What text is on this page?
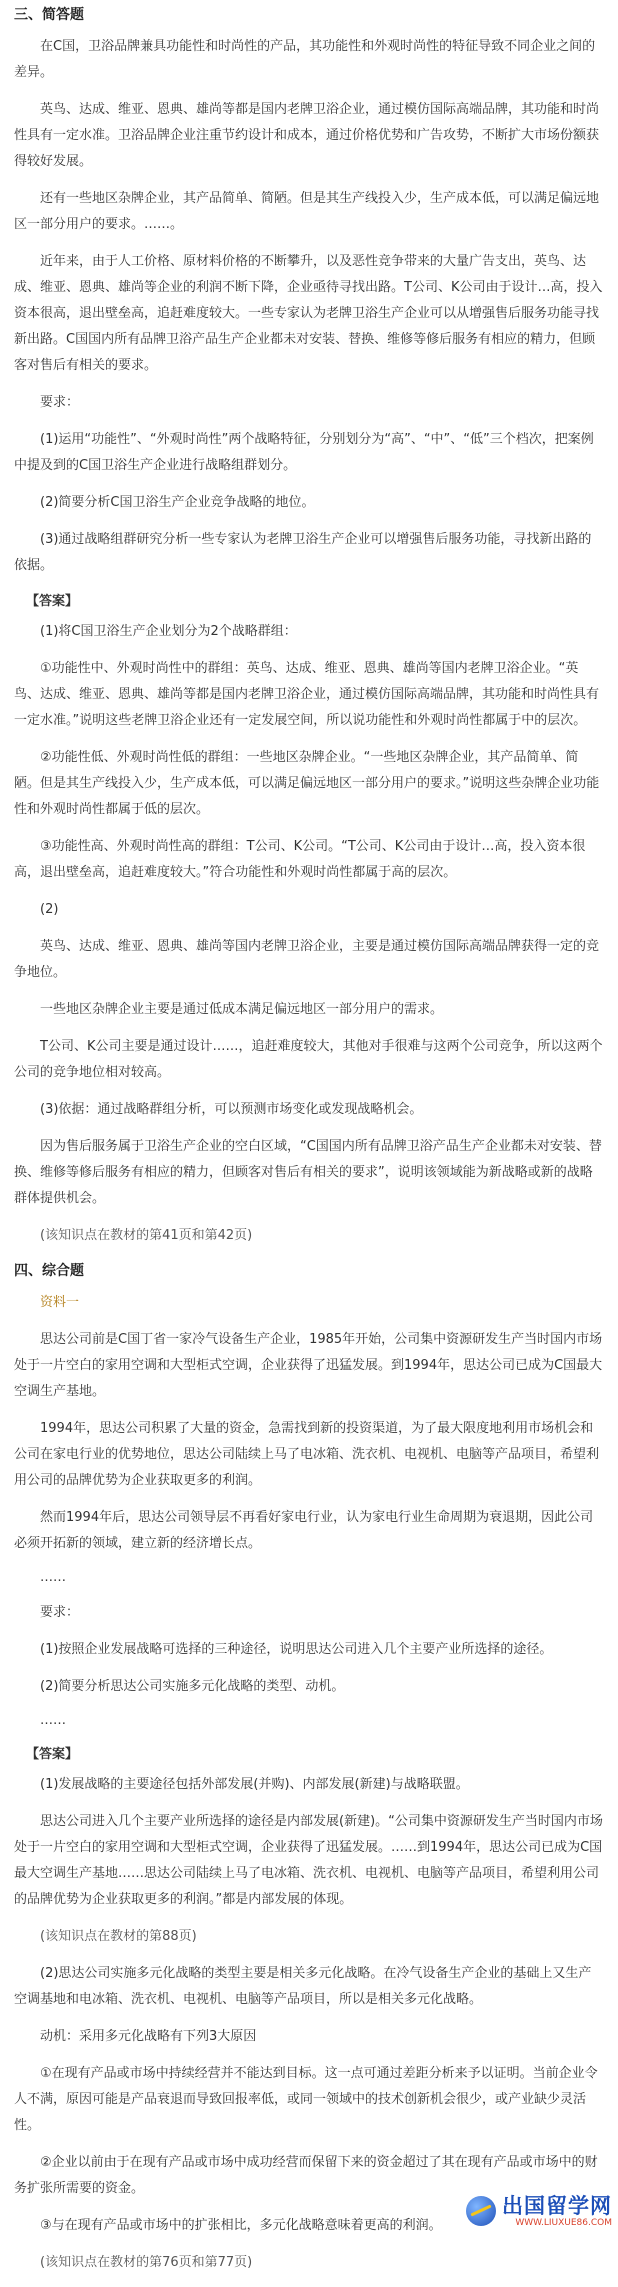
三、简答题
在C国，卫浴品牌兼具功能性和时尚性的产品，其功能性和外观时尚性的特征导致不同企业之间的差异。
英鸟、达成、维亚、恩典、雄尚等都是国内老牌卫浴企业，通过模仿国际高端品牌，其功能和时尚性具有一定水准。卫浴品牌企业注重节约设计和成本，通过价格优势和广告攻势，不断扩大市场份额获得较好发展。
还有一些地区杂牌企业，其产品简单、简陋。但是其生产线投入少，生产成本低，可以满足偏远地区一部分用户的要求。……。
近年来，由于人工价格、原材料价格的不断攀升，以及恶性竞争带来的大量广告支出，英鸟、达成、维亚、恩典、雄尚等企业的利润不断下降，企业亟待寻找出路。T公司、K公司由于设计…高，投入资本很高，退出壁垒高，追赶难度较大。一些专家认为老牌卫浴生产企业可以从增强售后服务功能寻找新出路。C国国内所有品牌卫浴产品生产企业都未对安装、替换、维修等修后服务有相应的精力，但顾客对售后有相关的要求。
要求：
(1)运用“功能性”、“外观时尚性”两个战略特征，分别划分为“高”、“中”、“低”三个档次，把案例中提及到的C国卫浴生产企业进行战略组群划分。
(2)简要分析C国卫浴生产企业竞争战略的地位。
(3)通过战略组群研究分析一些专家认为老牌卫浴生产企业可以增强售后服务功能，寻找新出路的依据。
【答案】
(1)将C国卫浴生产企业划分为2个战略群组：
①功能性中、外观时尚性中的群组：英鸟、达成、维亚、恩典、雄尚等国内老牌卫浴企业。“英鸟、达成、维亚、恩典、雄尚等都是国内老牌卫浴企业，通过模仿国际高端品牌，其功能和时尚性具有一定水准。”说明这些老牌卫浴企业还有一定发展空间，所以说功能性和外观时尚性都属于中的层次。
②功能性低、外观时尚性低的群组：一些地区杂牌企业。“一些地区杂牌企业，其产品简单、简陋。但是其生产线投入少，生产成本低，可以满足偏远地区一部分用户的要求。”说明这些杂牌企业功能性和外观时尚性都属于低的层次。
③功能性高、外观时尚性高的群组：T公司、K公司。“T公司、K公司由于设计…高，投入资本很高，退出壁垒高，追赶难度较大。”符合功能性和外观时尚性都属于高的层次。
(2)
英鸟、达成、维亚、恩典、雄尚等国内老牌卫浴企业，主要是通过模仿国际高端品牌获得一定的竞争地位。
一些地区杂牌企业主要是通过低成本满足偏远地区一部分用户的需求。
T公司、K公司主要是通过设计……，追赶难度较大，其他对手很难与这两个公司竞争，所以这两个公司的竞争地位相对较高。
(3)依据：通过战略群组分析，可以预测市场变化或发现战略机会。
因为售后服务属于卫浴生产企业的空白区域，“C国国内所有品牌卫浴产品生产企业都未对安装、替换、维修等修后服务有相应的精力，但顾客对售后有相关的要求”，说明该领域能为新战略或新的战略群体提供机会。
(该知识点在教材的第41页和第42页)
四、综合题
资料一
思达公司前是C国丁省一家冷气设备生产企业，1985年开始，公司集中资源研发生产当时国内市场处于一片空白的家用空调和大型柜式空调，企业获得了迅猛发展。到1994年，思达公司已成为C国最大空调生产基地。
1994年，思达公司积累了大量的资金，急需找到新的投资渠道，为了最大限度地利用市场机会和公司在家电行业的优势地位，思达公司陆续上马了电冰箱、洗衣机、电视机、电脑等产品项目，希望利用公司的品牌优势为企业获取更多的利润。
然而1994年后，思达公司领导层不再看好家电行业，认为家电行业生命周期为衰退期，因此公司必须开拓新的领域，建立新的经济增长点。
……
要求：
(1)按照企业发展战略可选择的三种途径，说明思达公司进入几个主要产业所选择的途径。
(2)简要分析思达公司实施多元化战略的类型、动机。
……
【答案】
(1)发展战略的主要途径包括外部发展(并购)、内部发展(新建)与战略联盟。
思达公司进入几个主要产业所选择的途径是内部发展(新建)。“公司集中资源研发生产当时国内市场处于一片空白的家用空调和大型柜式空调，企业获得了迅猛发展。……到1994年，思达公司已成为C国最大空调生产基地……思达公司陆续上马了电冰箱、洗衣机、电视机、电脑等产品项目，希望利用公司的品牌优势为企业获取更多的利润。”都是内部发展的体现。
(该知识点在教材的第88页)
(2)思达公司实施多元化战略的类型主要是相关多元化战略。在冷气设备生产企业的基础上又生产空调基地和电冰箱、洗衣机、电视机、电脑等产品项目，所以是相关多元化战略。
动机：采用多元化战略有下列3大原因
①在现有产品或市场中持续经营并不能达到目标。这一点可通过差距分析来予以证明。当前企业令人不满，原因可能是产品衰退而导致回报率低，或同一领域中的技术创新机会很少，或产业缺少灵活性。
②企业以前由于在现有产品或市场中成功经营而保留下来的资金超过了其在现有产品或市场中的财务扩张所需要的资金。
③与在现有产品或市场中的扩张相比，多元化战略意味着更高的利润。
(该知识点在教材的第76页和第77页)
出国留学网
WWW.LIUXUE86.COM
